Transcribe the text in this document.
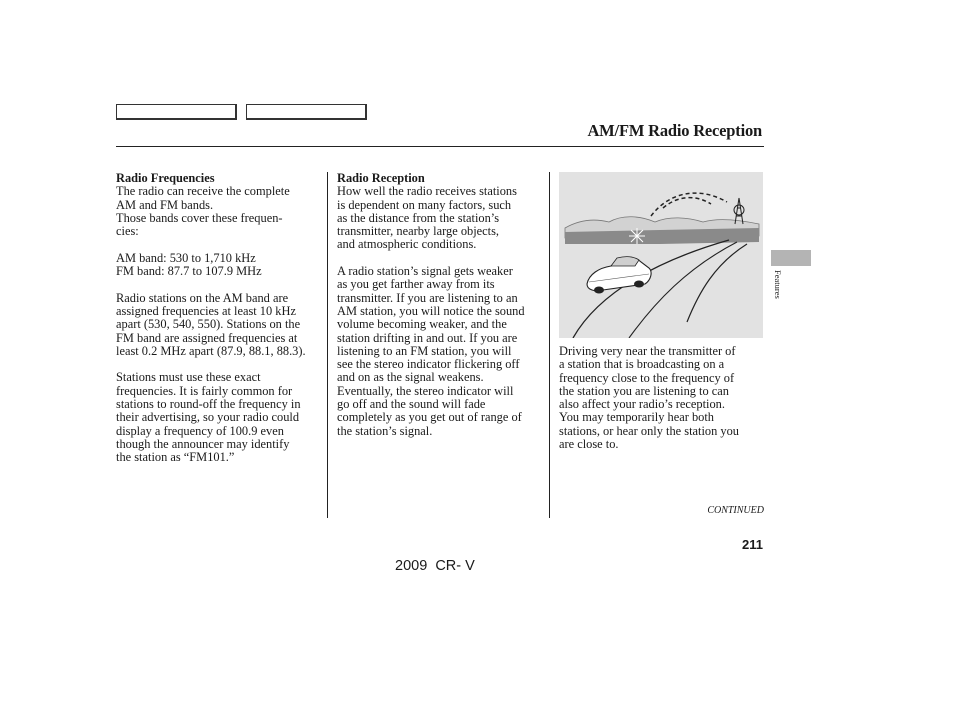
AM/FM Radio Reception

Radio Frequencies

The radio can receive the complete

AM and FM bands.

Those bands cover these frequen-

cies:

AM band: 530 to 1,710 kHz

FM band: 87.7 to 107.9 MHz

Radio stations on the AM band are

assigned frequencies at least 10 kHz

apart (530, 540, 550). Stations on the

FM band are assigned frequencies at

least 0.2 MHz apart (87.9, 88.1, 88.3).

Stations must use these exact

frequencies. It is fairly common for

stations to round-off the frequency in

their advertising, so your radio could

display a frequency of 100.9 even

though the announcer may identify

the station as “FM101.”

Radio Reception

How well the radio receives stations

is dependent on many factors, such

as the distance from the station’s

transmitter, nearby large objects,

and atmospheric conditions.

A radio station’s signal gets weaker

as you get farther away from its

transmitter. If you are listening to an

AM station, you will notice the sound

volume becoming weaker, and the

station drifting in and out. If you are

listening to an FM station, you will

see the stereo indicator flickering off

and on as the signal weakens.

Eventually, the stereo indicator will

go off and the sound will fade

completely as you get out of range of

the station’s signal.

Driving very near the transmitter of

a station that is broadcasting on a

frequency close to the frequency of

the station you are listening to can

also affect your radio’s reception.

You may temporarily hear both

stations, or hear only the station you

are close to.

Features
CONTINUED
211
2009  CR- V
